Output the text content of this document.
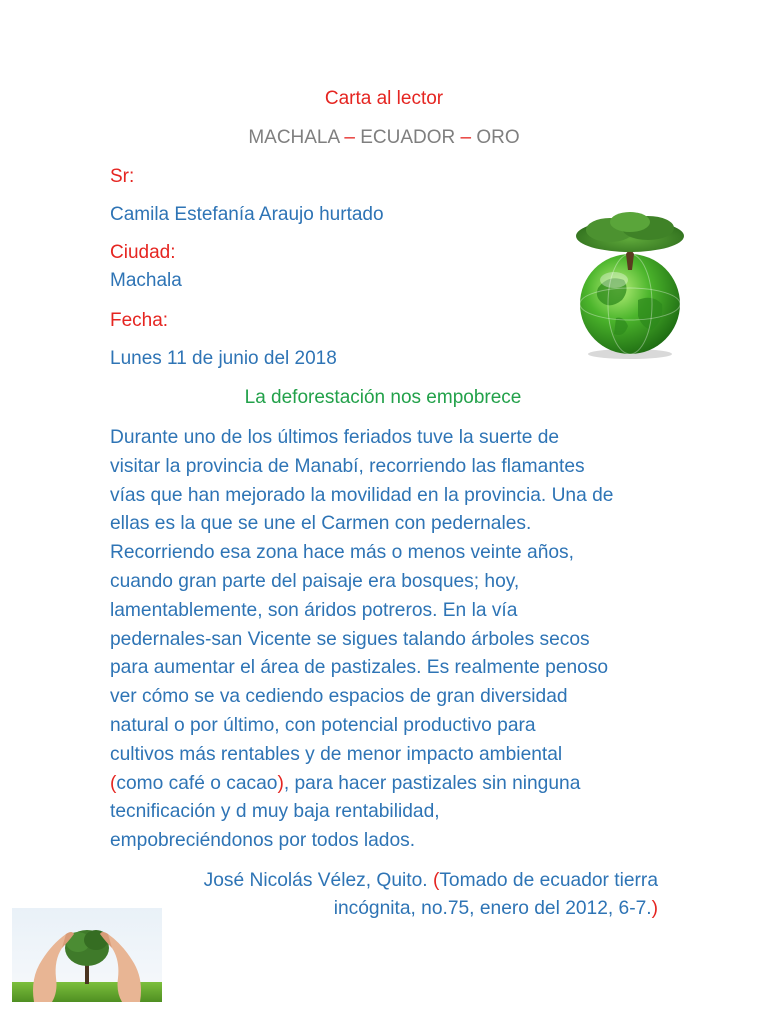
Carta al lector
MACHALA – ECUADOR – ORO
Sr:
Camila Estefanía Araujo hurtado
Ciudad:
Machala
Fecha:
Lunes 11 de junio del 2018
La deforestación nos empobrece
Durante uno de los últimos feriados tuve la suerte de
visitar la provincia de Manabí, recorriendo las flamantes
vías que han mejorado la movilidad en la provincia. Una de
ellas es la que se une el Carmen con pedernales.
Recorriendo esa zona hace más o menos veinte años,
cuando gran parte del paisaje era bosques; hoy,
lamentablemente, son áridos potreros. En la vía
pedernales-san Vicente se sigues talando árboles secos
para aumentar el área de pastizales. Es realmente penoso
ver cómo se va cediendo espacios de gran diversidad
natural o por último, con potencial productivo para
cultivos más rentables y de menor impacto ambiental
(como café o cacao), para hacer pastizales sin ninguna
tecnificación y d muy baja rentabilidad,
empobreciéndonos por todos lados.
José Nicolás Vélez, Quito. (Tomado de ecuador tierra
incógnita, no.75, enero del 2012, 6-7.)
